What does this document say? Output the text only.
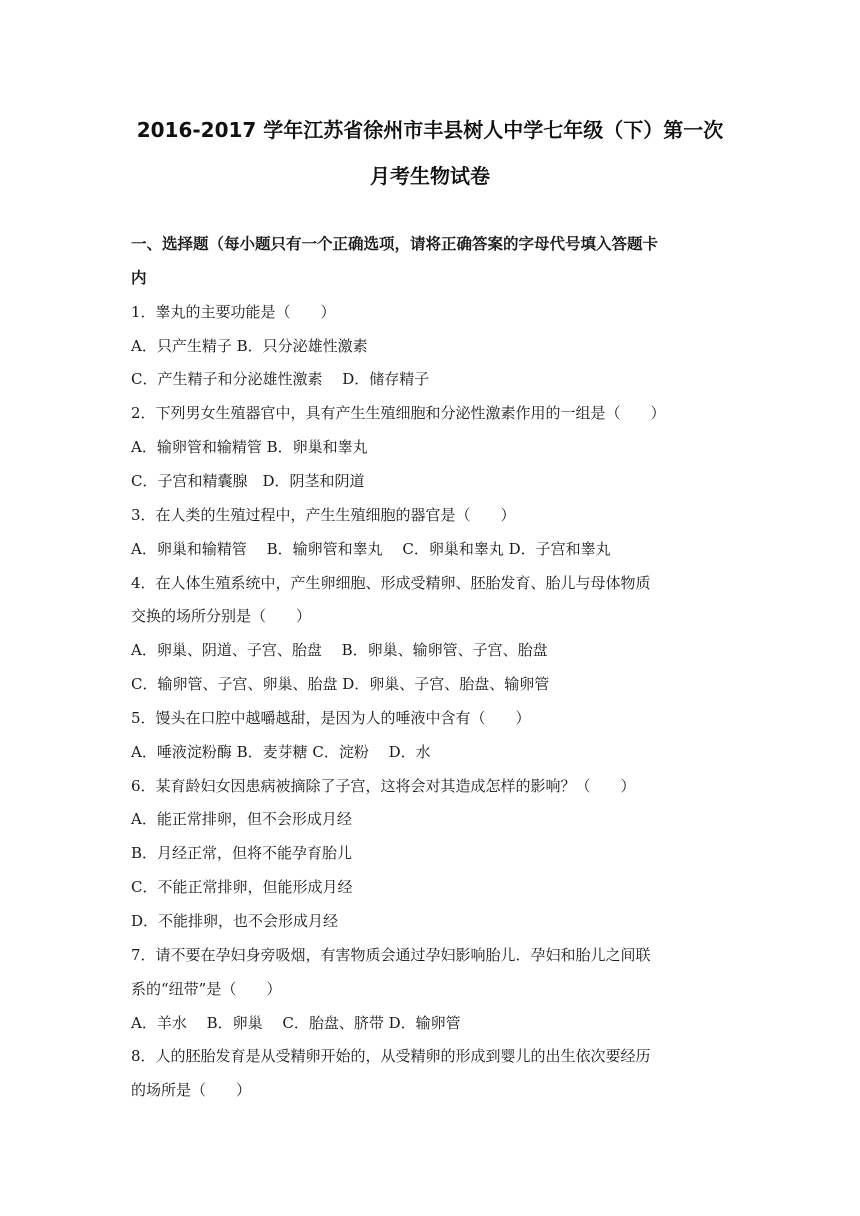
2016-2017 学年江苏省徐州市丰县树人中学七年级（下）第一次
月考生物试卷
一、选择题（每小题只有一个正确选项，请将正确答案的字母代号填入答题卡
内
1．睾丸的主要功能是（　　）
A．只产生精子 B．只分泌雄性激素
C．产生精子和分泌雄性激素　 D．储存精子
2．下列男女生殖器官中，具有产生生殖细胞和分泌性激素作用的一组是（　　）
A．输卵管和输精管 B．卵巢和睾丸
C．子宫和精囊腺　D．阴茎和阴道
3．在人类的生殖过程中，产生生殖细胞的器官是（　　）
A．卵巢和输精管　 B．输卵管和睾丸　 C．卵巢和睾丸 D．子宫和睾丸
4．在人体生殖系统中，产生卵细胞、形成受精卵、胚胎发育、胎儿与母体物质
交换的场所分别是（　　）
A．卵巢、阴道、子宫、胎盘　 B．卵巢、输卵管、子宫、胎盘
C．输卵管、子宫、卵巢、胎盘 D．卵巢、子宫、胎盘、输卵管
5．馒头在口腔中越嚼越甜，是因为人的唾液中含有（　　）
A．唾液淀粉酶 B．麦芽糖 C．淀粉　 D．水
6．某育龄妇女因患病被摘除了子宫，这将会对其造成怎样的影响？（　　）
A．能正常排卵，但不会形成月经
B．月经正常，但将不能孕育胎儿
C．不能正常排卵，但能形成月经
D．不能排卵，也不会形成月经
7．请不要在孕妇身旁吸烟，有害物质会通过孕妇影响胎儿．孕妇和胎儿之间联
系的“纽带”是（　　）
A．羊水　 B．卵巢　 C．胎盘、脐带 D．输卵管
8．人的胚胎发育是从受精卵开始的，从受精卵的形成到婴儿的出生依次要经历
的场所是（　　）
